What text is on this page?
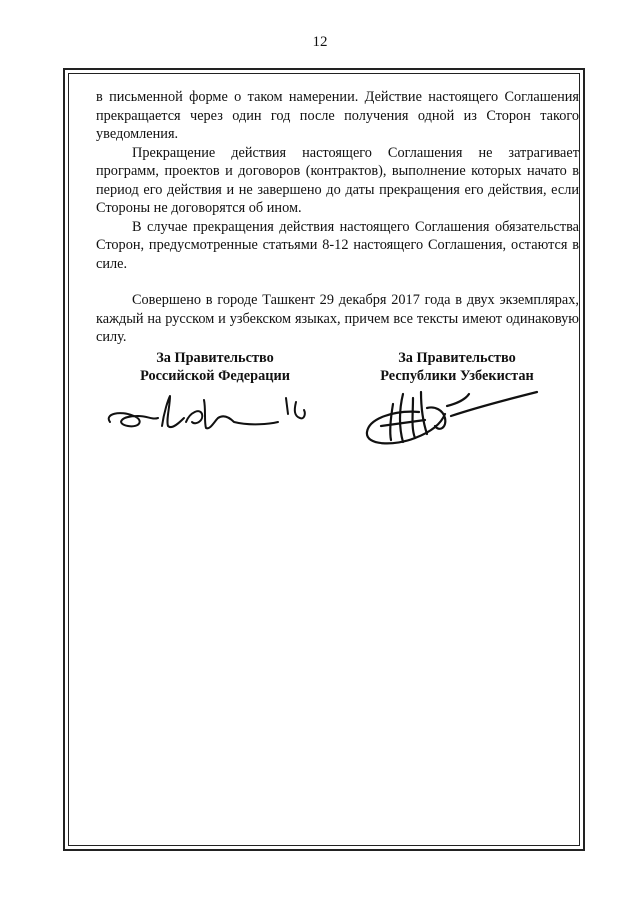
12

в письменной форме о таком намерении. Действие настоящего Соглашения прекращается через один год после получения одной из Сторон такого уведомления.

Прекращение действия настоящего Соглашения не затрагивает программ, проектов и договоров (контрактов), выполнение которых начато в период его действия и не завершено до даты прекращения его действия, если Стороны не договорятся об ином.

В случае прекращения действия настоящего Соглашения обязательства Сторон, предусмотренные статьями 8-12 настоящего Соглашения, остаются в силе.

Совершено в городе Ташкент 29 декабря 2017 года в двух экземплярах, каждый на русском и узбекском языках, причем все тексты имеют одинаковую силу.

За Правительство
Российской Федерации
За Правительство
Республики Узбекистан
